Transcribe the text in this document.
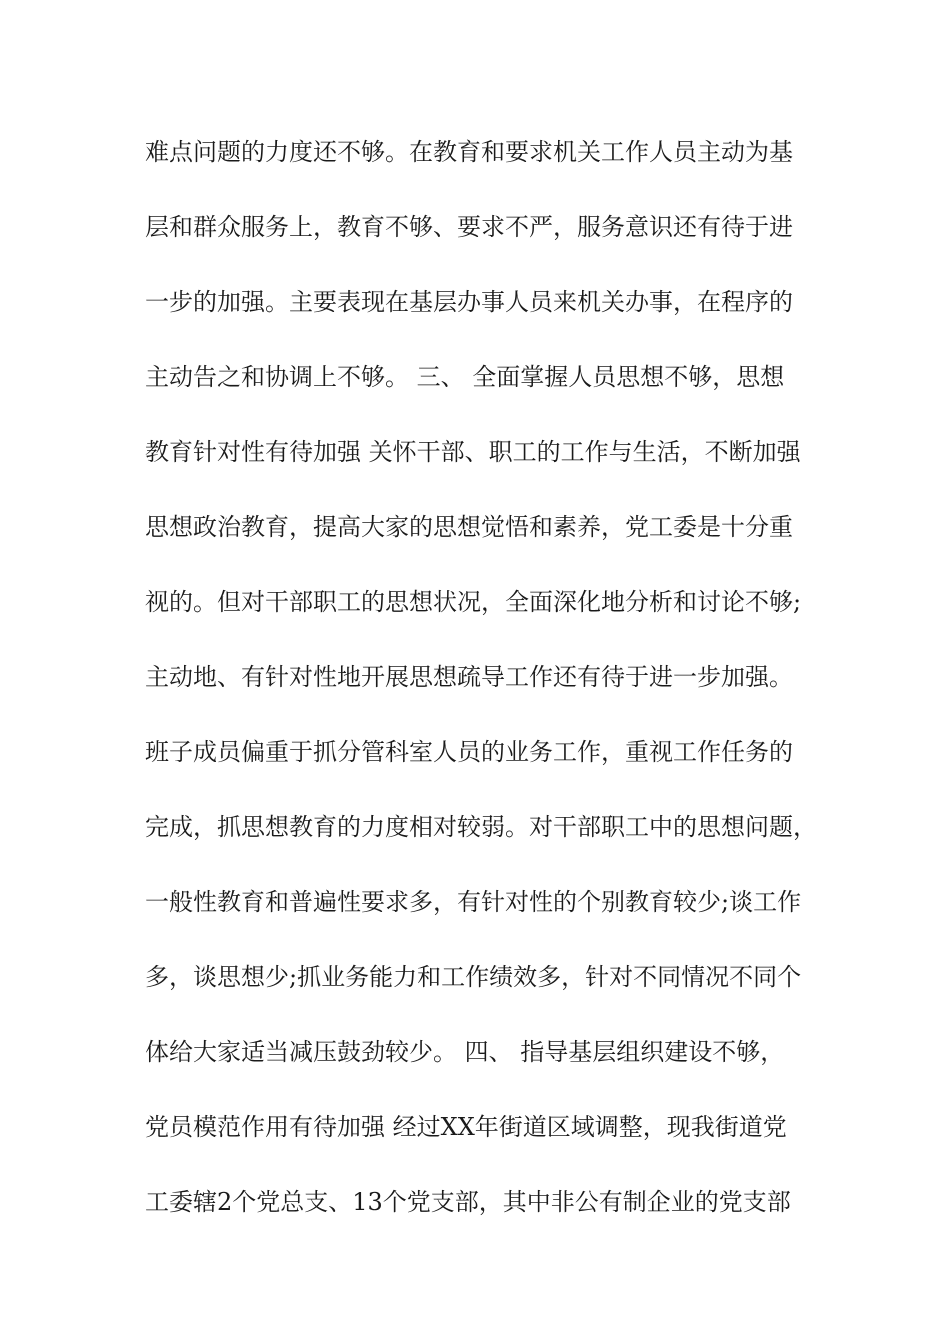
难点问题的力度还不够。在教育和要求机关工作人员主动为基
层和群众服务上，教育不够、要求不严，服务意识还有待于进
一步的加强。主要表现在基层办事人员来机关办事，在程序的
主动告之和协调上不够。 三、 全面掌握人员思想不够，思想
教育针对性有待加强 关怀干部、职工的工作与生活，不断加强
思想政治教育，提高大家的思想觉悟和素养，党工委是十分重
视的。但对干部职工的思想状况，全面深化地分析和讨论不够;
主动地、有针对性地开展思想疏导工作还有待于进一步加强。
班子成员偏重于抓分管科室人员的业务工作，重视工作任务的
完成，抓思想教育的力度相对较弱。对干部职工中的思想问题，
一般性教育和普遍性要求多，有针对性的个别教育较少;谈工作
多，谈思想少;抓业务能力和工作绩效多，针对不同情况不同个
体给大家适当减压鼓劲较少。 四、 指导基层组织建设不够，
党员模范作用有待加强 经过XX年街道区域调整，现我街道党
工委辖2个党总支、13个党支部，其中非公有制企业的党支部
